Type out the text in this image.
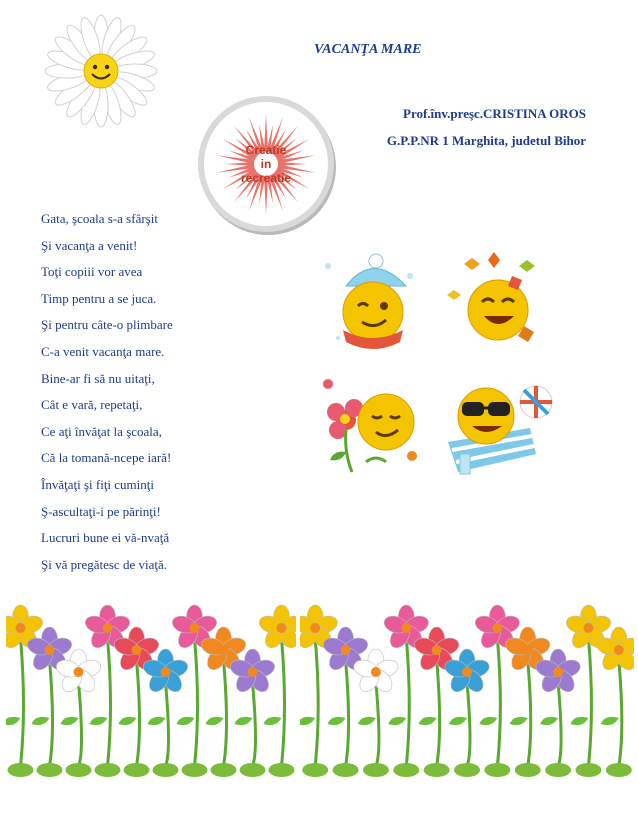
VACANŢA MARE
Prof.înv.preşc.CRISTINA OROS
G.P.P.NR 1 Marghita, judetul Bihor
Creatie
in
recreatie
Gata, şcoala s-a sfârşit
Şi vacanţa a venit!
Toţi copiii vor avea
Timp pentru a se juca.
Şi pentru câte-o plimbare
C-a venit vacanţa mare.
Bine-ar fi să nu uitaţi,
Cât e vară, repetaţi,
Ce aţi învăţat la şcoala,
Că la tomană-ncepe iară!
Învăţaţi şi fiţi cuminţi
Ş-ascultaţi-i pe părinţi!
Lucruri bune ei vă-nvaţă
Şi vă pregătesc de viaţă.
